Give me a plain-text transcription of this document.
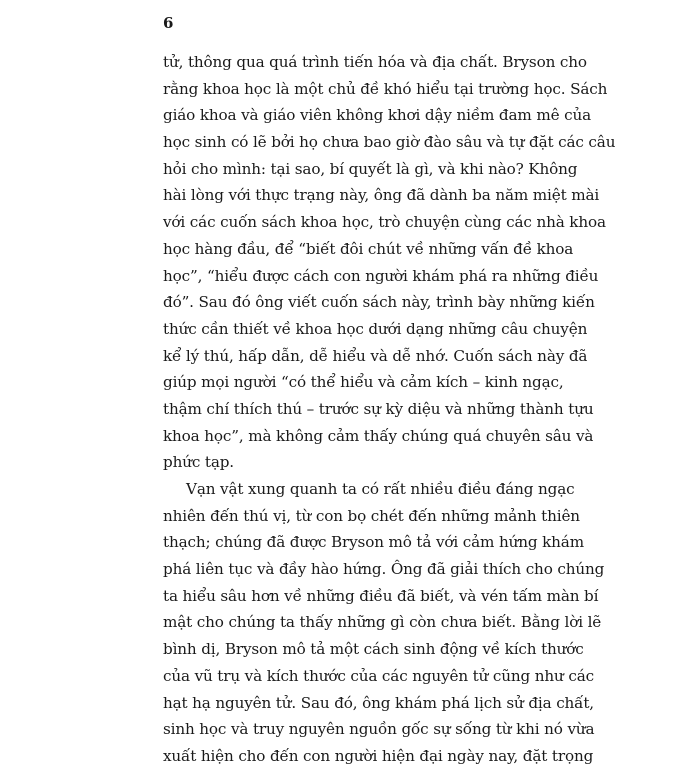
6
tử, thông qua quá trình tiến hóa và địa chất. Bryson cho
rằng khoa học là một chủ đề khó hiểu tại trường học. Sách
giáo khoa và giáo viên không khơi dậy niềm đam mê của
học sinh có lẽ bởi họ chưa bao giờ đào sâu và tự đặt các câu
hỏi cho mình: tại sao, bí quyết là gì, và khi nào? Không
hài lòng với thực trạng này, ông đã dành ba năm miệt mài
với các cuốn sách khoa học, trò chuyện cùng các nhà khoa
học hàng đầu, để “biết đôi chút về những vấn đề khoa
học”, “hiểu được cách con người khám phá ra những điều
đó”. Sau đó ông viết cuốn sách này, trình bày những kiến
thức cần thiết về khoa học dưới dạng những câu chuyện
kể lý thú, hấp dẫn, dễ hiểu và dễ nhớ. Cuốn sách này đã
giúp mọi người “có thể hiểu và cảm kích – kinh ngạc,
thậm chí thích thú – trước sự kỳ diệu và những thành tựu
khoa học”, mà không cảm thấy chúng quá chuyên sâu và
phức tạp.
Vạn vật xung quanh ta có rất nhiều điều đáng ngạc
nhiên đến thú vị, từ con bọ chét đến những mảnh thiên
thạch; chúng đã được Bryson mô tả với cảm hứng khám
phá liên tục và đầy hào hứng. Ông đã giải thích cho chúng
ta hiểu sâu hơn về những điều đã biết, và vén tấm màn bí
mật cho chúng ta thấy những gì còn chưa biết. Bằng lời lẽ
bình dị, Bryson mô tả một cách sinh động về kích thước
của vũ trụ và kích thước của các nguyên tử cũng như các
hạt hạ nguyên tử. Sau đó, ông khám phá lịch sử địa chất,
sinh học và truy nguyên nguồn gốc sự sống từ khi nó vừa
xuất hiện cho đến con người hiện đại ngày nay, đặt trọng
